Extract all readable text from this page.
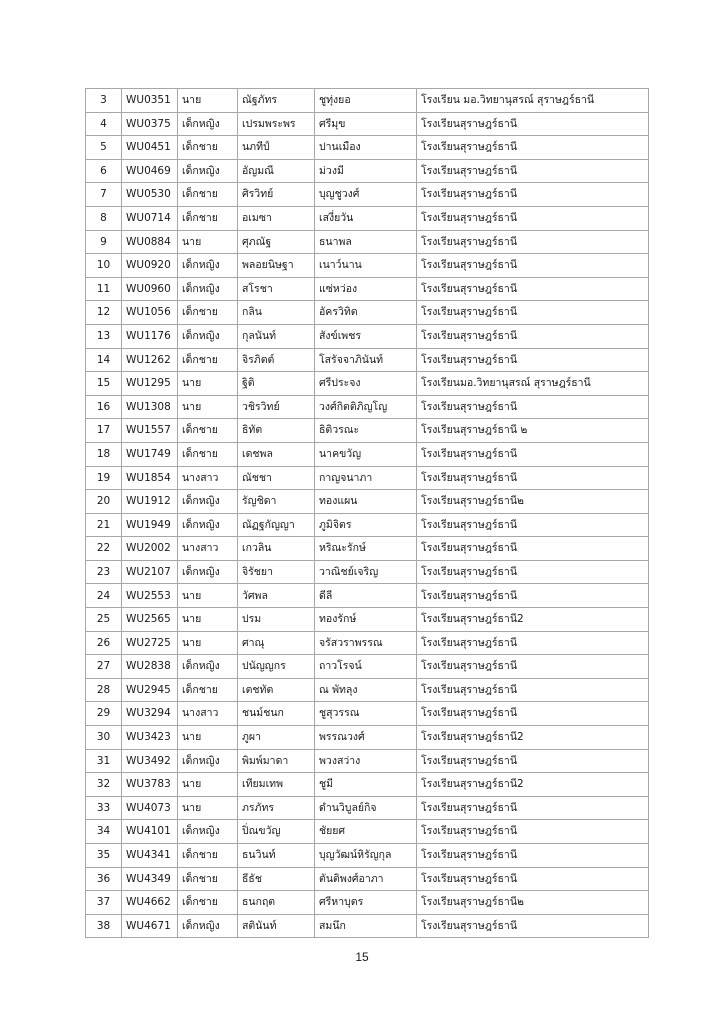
3	WU0351	นาย	ณัฐภัทร	ชูทุ่งยอ	โรงเรียน มอ.วิทยานุสรณ์ สุราษฎร์ธานี
4	WU0375	เด็กหญิง	เปรมพระพร	ศรีมุข	โรงเรียนสุราษฎร์ธานี
5	WU0451	เด็กชาย	นภทีป์	ปานเมือง	โรงเรียนสุราษฎร์ธานี
6	WU0469	เด็กหญิง	อัญมณี	ม่วงมี	โรงเรียนสุราษฎร์ธานี
7	WU0530	เด็กชาย	ศิรวิทย์	บุญชูวงศ์	โรงเรียนสุราษฎร์ธานี
8	WU0714	เด็กชาย	อเมซา	เสงี่ยวัน	โรงเรียนสุราษฎร์ธานี
9	WU0884	นาย	ศุภณัฐ	ธนาพล	โรงเรียนสุราษฎร์ธานี
10	WU0920	เด็กหญิง	พลอยนิษฐา	เนาว์นาน	โรงเรียนสุราษฎร์ธานี
11	WU0960	เด็กหญิง	สโรชา	แซ่หว่อง	โรงเรียนสุราษฎร์ธานี
12	WU1056	เด็กชาย	กลิน	อัครวิทิต	โรงเรียนสุราษฎร์ธานี
13	WU1176	เด็กหญิง	กุลนันท์	สังข์เพชร	โรงเรียนสุราษฎร์ธานี
14	WU1262	เด็กชาย	จิรภิตต์	โสรัจจาภินันท์	โรงเรียนสุราษฎร์ธานี
15	WU1295	นาย	ฐิติ	ศรีประจง	โรงเรียนมอ.วิทยานุสรณ์ สุราษฎร์ธานี
16	WU1308	นาย	วชิรวิทย์	วงศ์กิตติภิญโญ	โรงเรียนสุราษฎร์ธานี
17	WU1557	เด็กชาย	ธิทัต	ธิติวรณะ	โรงเรียนสุราษฎร์ธานี ๒
18	WU1749	เด็กชาย	เดชพล	นาคขวัญ	โรงเรียนสุราษฎร์ธานี
19	WU1854	นางสาว	ณัชชา	กาญจนาภา	โรงเรียนสุราษฎร์ธานี
20	WU1912	เด็กหญิง	รัญชิดา	ทองแผน	โรงเรียนสุราษฎร์ธานี๒
21	WU1949	เด็กหญิง	ณัฏฐกัญญา	ภูมิจิตร	โรงเรียนสุราษฎร์ธานี
22	WU2002	นางสาว	เกวลิน	หริณะรักษ์	โรงเรียนสุราษฎร์ธานี
23	WU2107	เด็กหญิง	จิรัชยา	วาณิชย์เจริญ	โรงเรียนสุราษฎร์ธานี
24	WU2553	นาย	วัศพล	ดีลี	โรงเรียนสุราษฎร์ธานี
25	WU2565	นาย	ปรม	ทองรักษ์	โรงเรียนสุราษฎร์ธานี2
26	WU2725	นาย	ศาณุ	จรัสวราพรรณ	โรงเรียนสุราษฎร์ธานี
27	WU2838	เด็กหญิง	ปนัญญกร	ถาวโรจน์	โรงเรียนสุราษฎร์ธานี
28	WU2945	เด็กชาย	เตชทัต	ณ พัทลุง	โรงเรียนสุราษฎร์ธานี
29	WU3294	นางสาว	ชนม์ชนก	ชูสุวรรณ	โรงเรียนสุราษฎร์ธานี
30	WU3423	นาย	ภูผา	พรรณวงศ์	โรงเรียนสุราษฎร์ธานี2
31	WU3492	เด็กหญิง	พิมพ์มาดา	พวงสว่าง	โรงเรียนสุราษฎร์ธานี
32	WU3783	นาย	เทียมเทพ	ชูมี	โรงเรียนสุราษฎร์ธานี2
33	WU4073	นาย	ภรภัทร	ดำนวิบูลย์กิจ	โรงเรียนสุราษฎร์ธานี
34	WU4101	เด็กหญิง	ปิ่ณขวัญ	ชัยยศ	โรงเรียนสุราษฎร์ธานี
35	WU4341	เด็กชาย	ธนวินท์	บุญวัฒน์หิรัญกุล	โรงเรียนสุราษฎร์ธานี
36	WU4349	เด็กชาย	ธีธัช	ตันติพงศ์อาภา	โรงเรียนสุราษฎร์ธานี
37	WU4662	เด็กชาย	ธนกฤต	ศรีหาบุตร	โรงเรียนสุราษฎร์ธานี๒
38	WU4671	เด็กหญิง	สตินันท์	สมนึก	โรงเรียนสุราษฎร์ธานี
15
